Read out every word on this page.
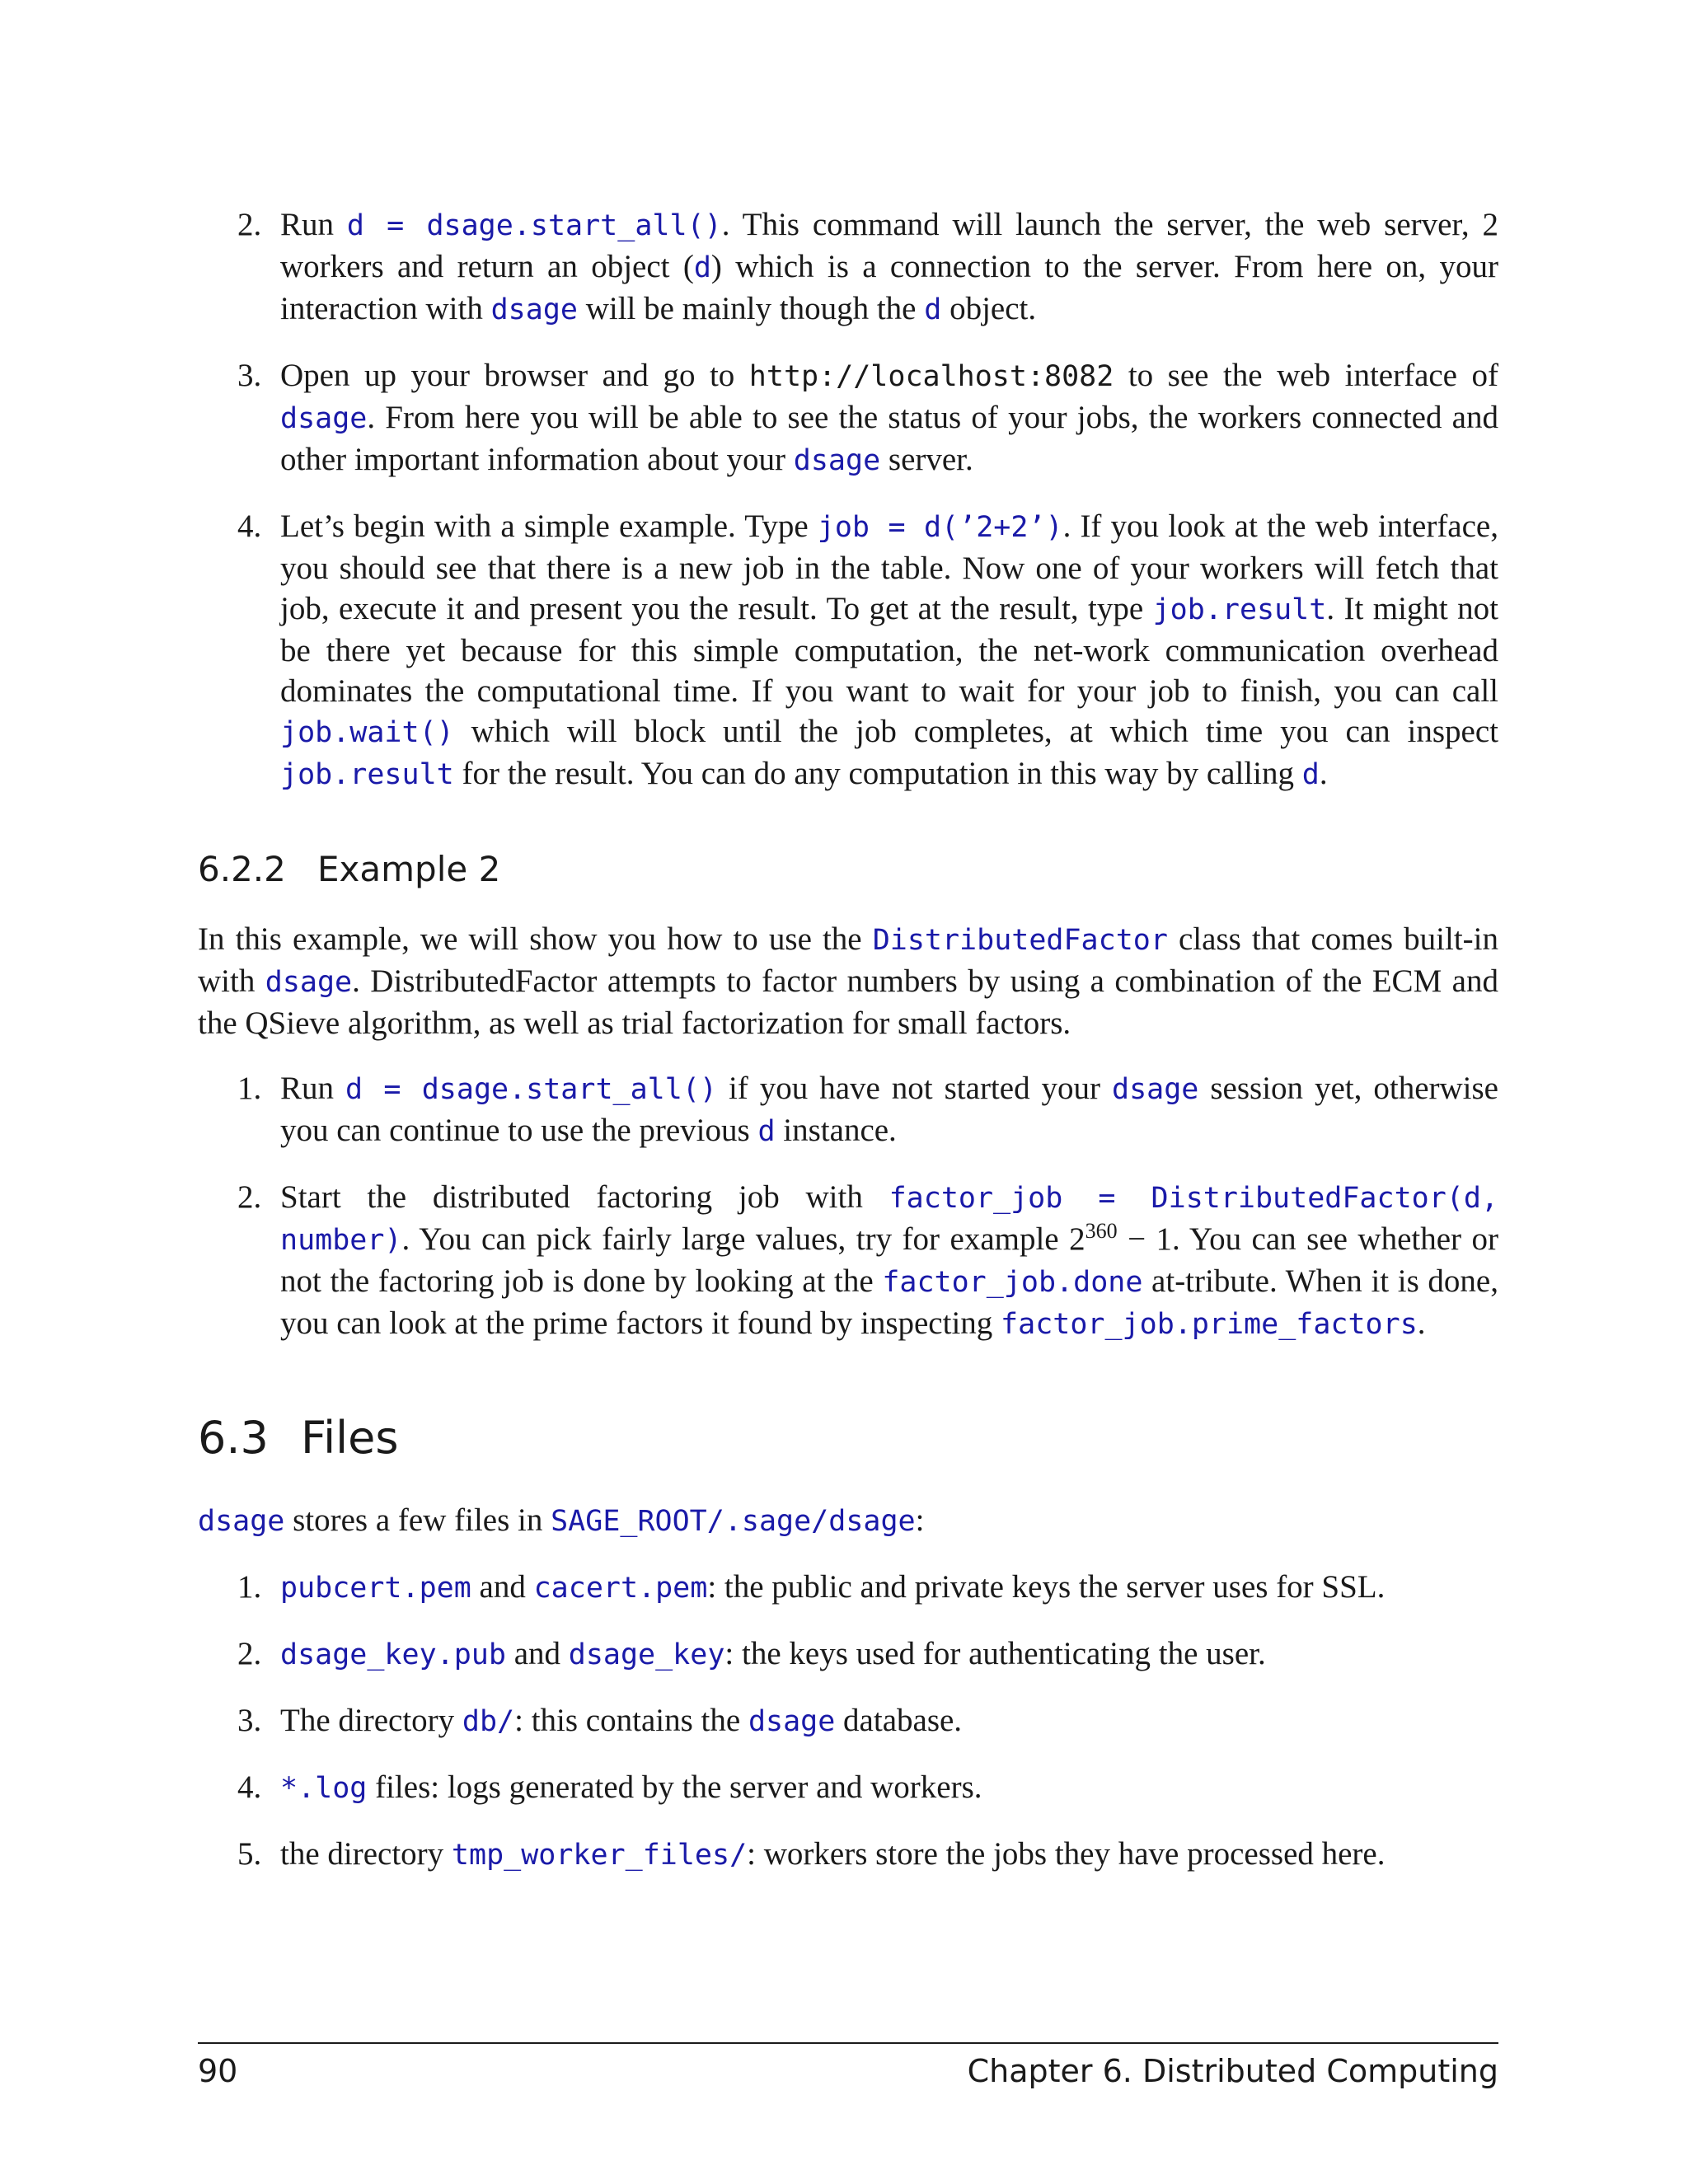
2. Run d = dsage.start_all(). This command will launch the server, the web server, 2 workers and return an object (d) which is a connection to the server. From here on, your interaction with dsage will be mainly though the d object.
3. Open up your browser and go to http://localhost:8082 to see the web interface of dsage. From here you will be able to see the status of your jobs, the workers connected and other important information about your dsage server.
4. Let’s begin with a simple example. Type job = d(’2+2’). If you look at the web interface, you should see that there is a new job in the table. Now one of your workers will fetch that job, execute it and present you the result. To get at the result, type job.result. It might not be there yet because for this simple computation, the net-work communication overhead dominates the computational time. If you want to wait for your job to finish, you can call job.wait() which will block until the job completes, at which time you can inspect job.result for the result. You can do any computation in this way by calling d.
6.2.2 Example 2

In this example, we will show you how to use the DistributedFactor class that comes built-in with dsage. DistributedFactor attempts to factor numbers by using a combination of the ECM and the QSieve algorithm, as well as trial factorization for small factors.

1. Run d = dsage.start_all() if you have not started your dsage session yet, otherwise you can continue to use the previous d instance.
2. Start the distributed factoring job with factor_job = DistributedFactor(d, number). You can pick fairly large values, try for example $2^{360} - 1$. You can see whether or not the factoring job is done by looking at the factor_job.done at-tribute. When it is done, you can look at the prime factors it found by inspecting factor_job.prime_factors.
6.3 Files

dsage stores a few files in SAGE_ROOT/.sage/dsage:

1. pubcert.pem and cacert.pem: the public and private keys the server uses for SSL.
2. dsage_key.pub and dsage_key: the keys used for authenticating the user.
3. The directory db/: this contains the dsage database.
4. *.log files: logs generated by the server and workers.
5. the directory tmp_worker_files/: workers store the jobs they have processed here.
90	Chapter 6. Distributed Computing
